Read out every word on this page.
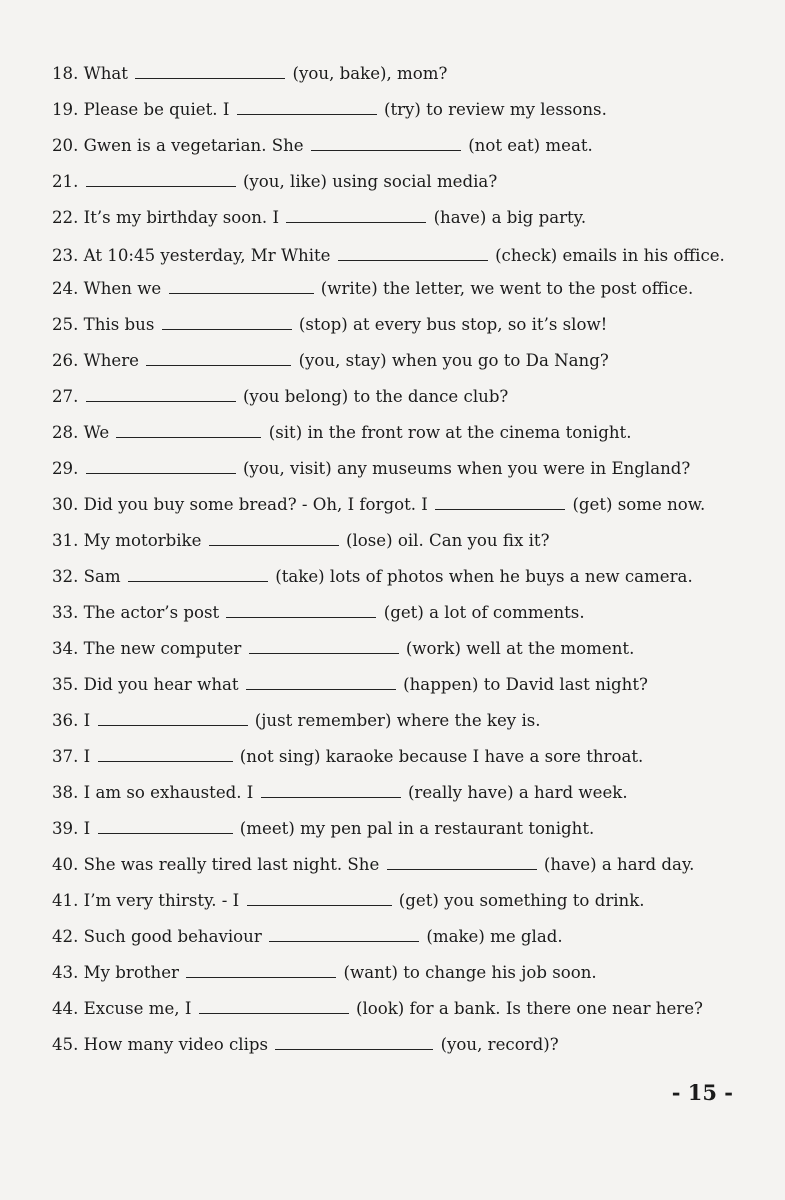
18. What	(you, bake), mom?
19. Please be quiet. I	(try) to review my lessons.
20. Gwen is a vegetarian. She	(not eat) meat.
21.	(you, like) using social media?
22. It’s my birthday soon. I	(have) a big party.
23. At 10:45 yesterday, Mr White	(check) emails in his office.
24. When we	(write) the letter, we went to the post office.
25. This bus	(stop) at every bus stop, so it’s slow!
26. Where	(you, stay) when you go to Da Nang?
27.	(you belong) to the dance club?
28. We	(sit) in the front row at the cinema tonight.
29.	(you, visit) any museums when you were in England?
30. Did you buy some bread? - Oh, I forgot. I	(get) some now.
31. My motorbike	(lose) oil. Can you fix it?
32. Sam	(take) lots of photos when he buys a new camera.
33. The actor’s post	(get) a lot of comments.
34. The new computer	(work) well at the moment.
35. Did you hear what	(happen) to David last night?
36. I	(just remember) where the key is.
37. I	(not sing) karaoke because I have a sore throat.
38. I am so exhausted. I	(really have) a hard week.
39. I	(meet) my pen pal in a restaurant tonight.
40. She was really tired last night. She	(have) a hard day.
41. I’m very thirsty. - I	(get) you something to drink.
42. Such good behaviour	(make) me glad.
43. My brother	(want) to change his job soon.
44. Excuse me, I	(look) for a bank. Is there one near here?
45. How many video clips	(you, record)?
- 15 -
